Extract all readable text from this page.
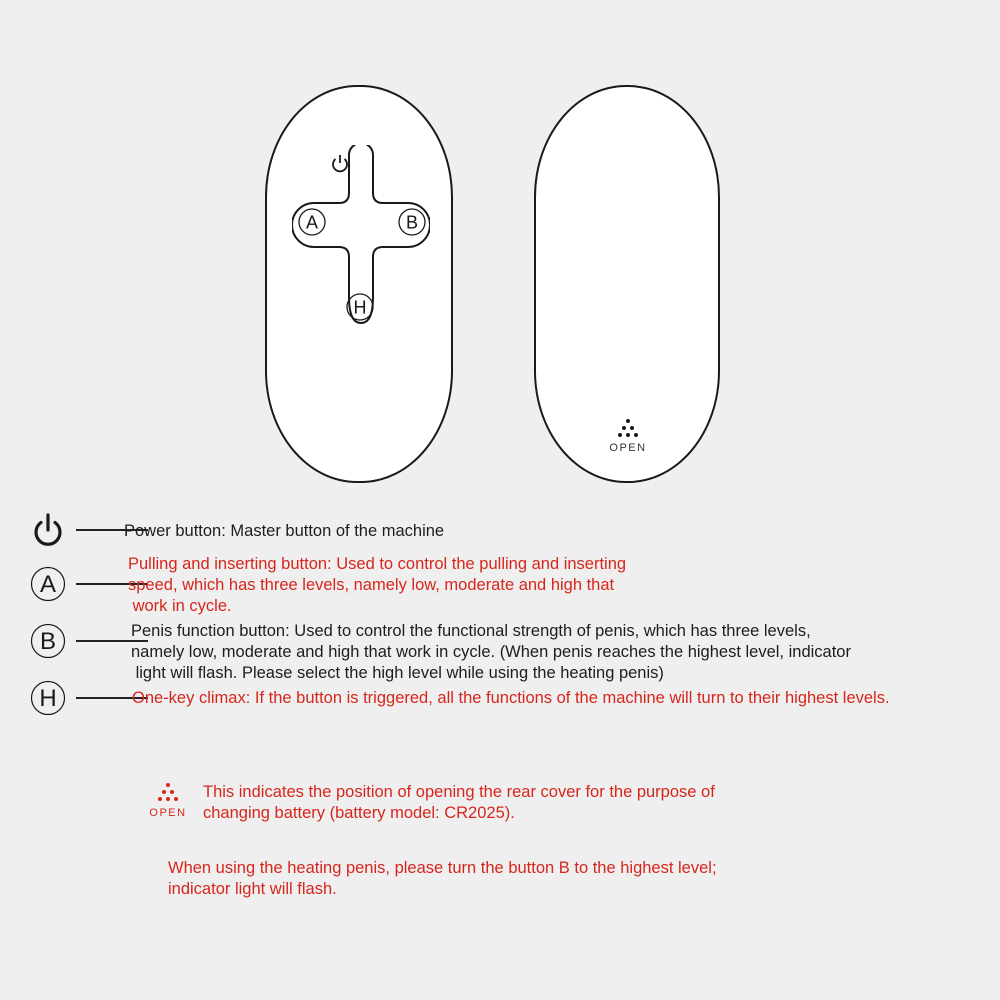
A	B
H
OPEN
Power button: Master button of the machine
A
Pulling and inserting button: Used to control the pulling and inserting
speed, which has three levels, namely low, moderate and high that
work in cycle.
B	Penis function button: Used to control the functional strength of penis, which has three levels,
namely low, moderate and high that work in cycle. (When penis reaches the highest level, indicator
light will flash. Please select the high level while using the heating penis)
H	One-key climax: If the button is triggered, all the functions of the machine will turn to their highest levels.
OPEN
This indicates the position of opening the rear cover for the purpose of
changing battery (battery model: CR2025).
When using the heating penis, please turn the button B to the highest level;
indicator light will flash.
